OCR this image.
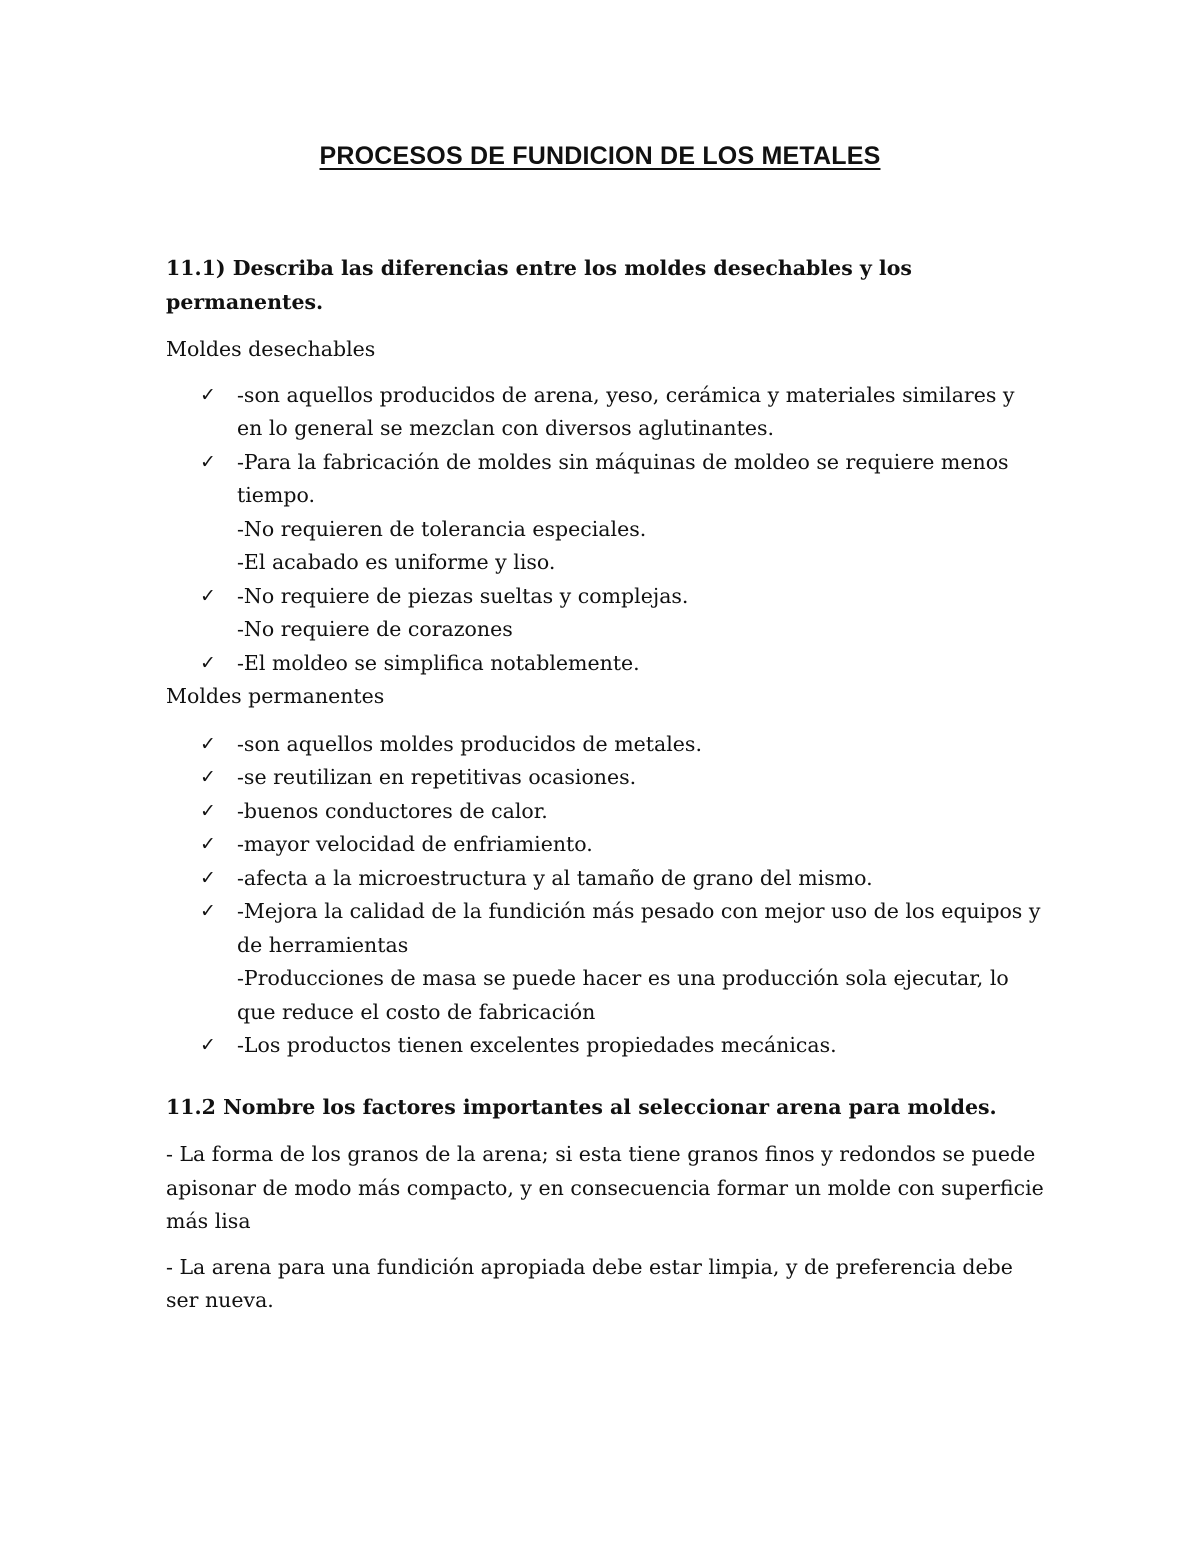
PROCESOS DE FUNDICION DE LOS METALES
11.1) Describa las diferencias entre los moldes desechables y los permanentes.
Moldes desechables
✓ -son aquellos producidos de arena, yeso, cerámica y materiales similares y en lo general se mezclan con diversos aglutinantes.
✓ -Para la fabricación de moldes sin máquinas de moldeo se requiere menos tiempo.
-No requieren de tolerancia especiales.
-El acabado es uniforme y liso.
✓ -No requiere de piezas sueltas y complejas.
-No requiere de corazones
✓ -El moldeo se simplifica notablemente.
Moldes permanentes
✓ -son aquellos moldes producidos de metales.
✓ -se reutilizan en repetitivas ocasiones.
✓ -buenos conductores de calor.
✓ -mayor velocidad de enfriamiento.
✓ -afecta a la microestructura y al tamaño de grano del mismo.
✓ -Mejora la calidad de la fundición más pesado con mejor uso de los equipos y de herramientas
-Producciones de masa se puede hacer es una producción sola ejecutar, lo que reduce el costo de fabricación
✓ -Los productos tienen excelentes propiedades mecánicas.
11.2 Nombre los factores importantes al seleccionar arena para moldes.

- La forma de los granos de la arena; si esta tiene granos finos y redondos se puede apisonar de modo más compacto, y en consecuencia formar un molde con superficie más lisa

- La arena para una fundición apropiada debe estar limpia, y de preferencia debe ser nueva.
